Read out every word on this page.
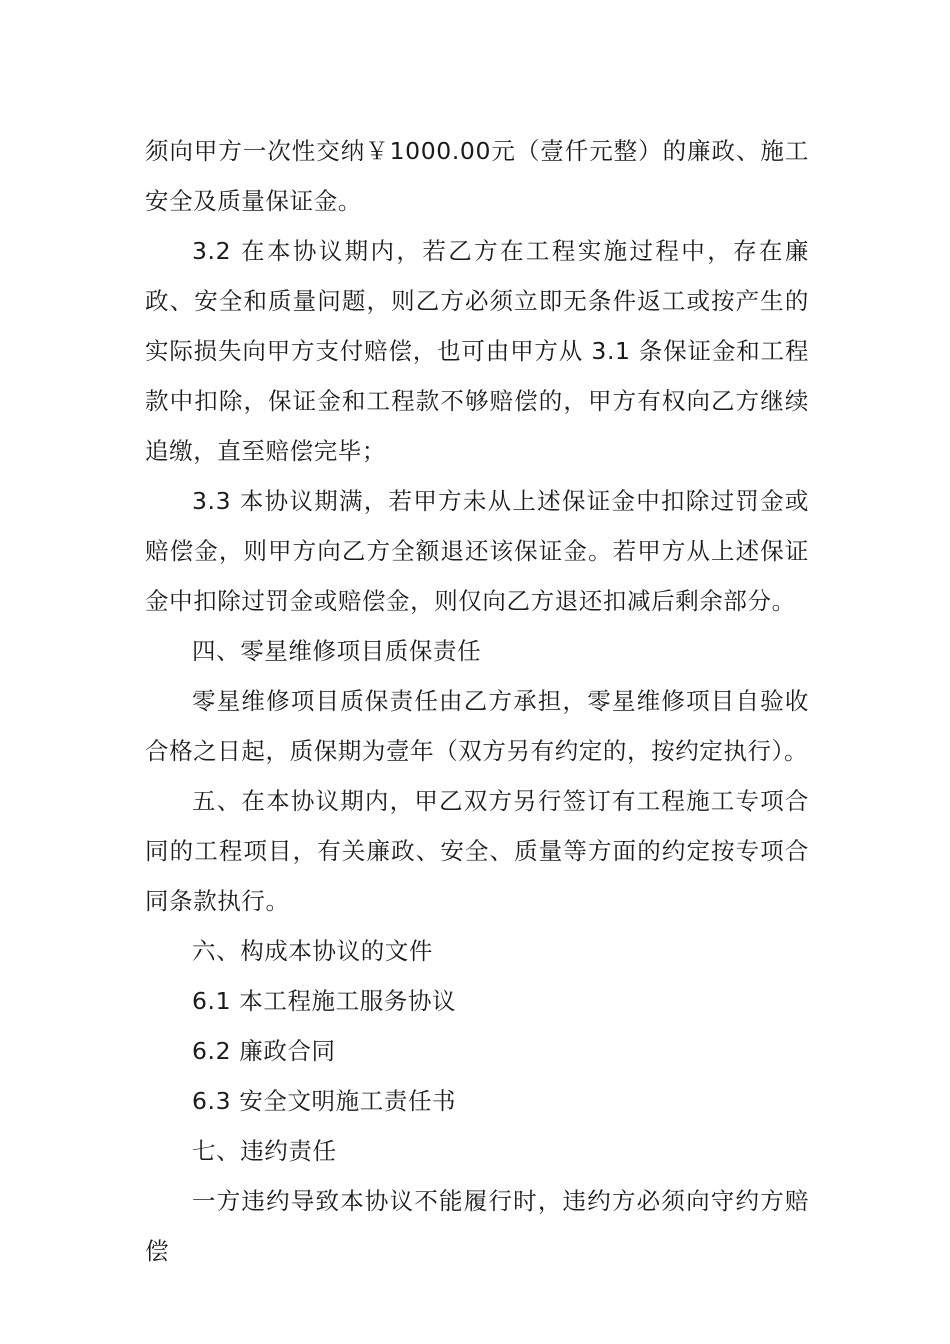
须向甲方一次性交纳￥1000.00元（壹仟元整）的廉政、施工安全及质量保证金。

3.2 在本协议期内，若乙方在工程实施过程中，存在廉政、安全和质量问题，则乙方必须立即无条件返工或按产生的实际损失向甲方支付赔偿，也可由甲方从 3.1 条保证金和工程款中扣除，保证金和工程款不够赔偿的，甲方有权向乙方继续追缴，直至赔偿完毕；

3.3 本协议期满，若甲方未从上述保证金中扣除过罚金或赔偿金，则甲方向乙方全额退还该保证金。若甲方从上述保证金中扣除过罚金或赔偿金，则仅向乙方退还扣减后剩余部分。

四、零星维修项目质保责任

零星维修项目质保责任由乙方承担，零星维修项目自验收合格之日起，质保期为壹年（双方另有约定的，按约定执行）。

五、在本协议期内，甲乙双方另行签订有工程施工专项合同的工程项目，有关廉政、安全、质量等方面的约定按专项合同条款执行。

六、构成本协议的文件

6.1 本工程施工服务协议

6.2 廉政合同

6.3 安全文明施工责任书

七、违约责任

一方违约导致本协议不能履行时，违约方必须向守约方赔偿
